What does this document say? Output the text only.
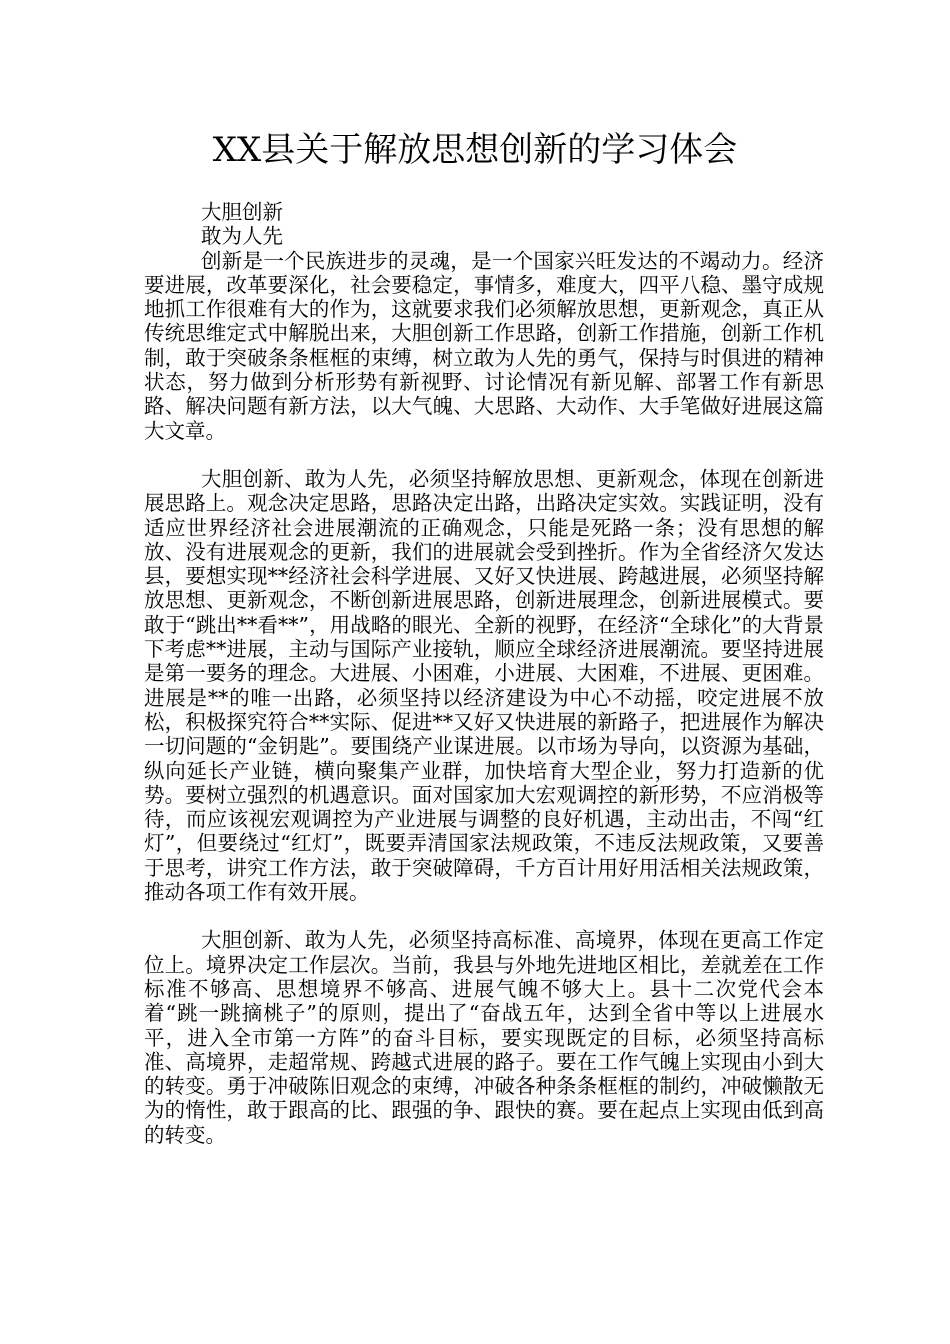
XX县关于解放思想创新的学习体会

大胆创新

敢为人先

创新是一个民族进步的灵魂，是一个国家兴旺发达的不竭动力。经济要进展，改革要深化，社会要稳定，事情多，难度大，四平八稳、墨守成规地抓工作很难有大的作为，这就要求我们必须解放思想，更新观念，真正从传统思维定式中解脱出来，大胆创新工作思路，创新工作措施，创新工作机制，敢于突破条条框框的束缚，树立敢为人先的勇气，保持与时俱进的精神状态，努力做到分析形势有新视野、讨论情况有新见解、部署工作有新思路、解决问题有新方法，以大气魄、大思路、大动作、大手笔做好进展这篇大文章。

大胆创新、敢为人先，必须坚持解放思想、更新观念，体现在创新进展思路上。观念决定思路，思路决定出路，出路决定实效。实践证明，没有适应世界经济社会进展潮流的正确观念，只能是死路一条；没有思想的解放、没有进展观念的更新，我们的进展就会受到挫折。作为全省经济欠发达县，要想实现**经济社会科学进展、又好又快进展、跨越进展，必须坚持解放思想、更新观念，不断创新进展思路，创新进展理念，创新进展模式。要敢于“跳出**看**”，用战略的眼光、全新的视野，在经济“全球化”的大背景下考虑**进展，主动与国际产业接轨，顺应全球经济进展潮流。要坚持进展是第一要务的理念。大进展、小困难，小进展、大困难，不进展、更困难。进展是**的唯一出路，必须坚持以经济建设为中心不动摇，咬定进展不放松，积极探究符合**实际、促进**又好又快进展的新路子，把进展作为解决一切问题的“金钥匙”。要围绕产业谋进展。以市场为导向，以资源为基础，纵向延长产业链，横向聚集产业群，加快培育大型企业，努力打造新的优势。要树立强烈的机遇意识。面对国家加大宏观调控的新形势，不应消极等待，而应该视宏观调控为产业进展与调整的良好机遇，主动出击，不闯“红灯”，但要绕过“红灯”，既要弄清国家法规政策，不违反法规政策，又要善于思考，讲究工作方法，敢于突破障碍，千方百计用好用活相关法规政策，推动各项工作有效开展。

大胆创新、敢为人先，必须坚持高标准、高境界，体现在更高工作定位上。境界决定工作层次。当前，我县与外地先进地区相比，差就差在工作标准不够高、思想境界不够高、进展气魄不够大上。县十二次党代会本着“跳一跳摘桃子”的原则，提出了“奋战五年，达到全省中等以上进展水平，进入全市第一方阵”的奋斗目标，要实现既定的目标，必须坚持高标准、高境界，走超常规、跨越式进展的路子。要在工作气魄上实现由小到大的转变。勇于冲破陈旧观念的束缚，冲破各种条条框框的制约，冲破懒散无为的惰性，敢于跟高的比、跟强的争、跟快的赛。要在起点上实现由低到高的转变。
